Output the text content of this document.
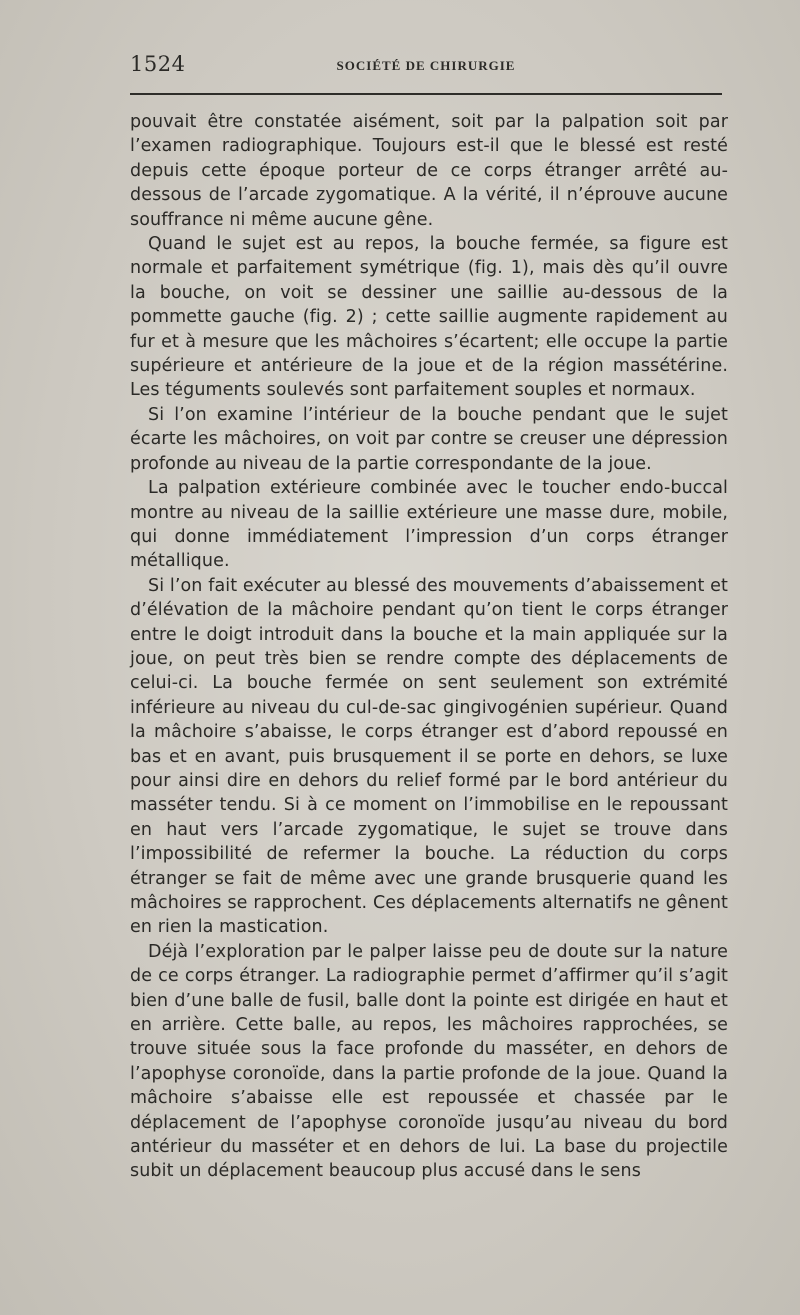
1524	SOCIÉTÉ DE CHIRURGIE

pouvait être constatée aisément, soit par la palpation soit par l’examen radiographique. Toujours est-il que le blessé est resté depuis cette époque porteur de ce corps étranger arrêté au-dessous de l’arcade zygomatique. A la vérité, il n’éprouve aucune souffrance ni même aucune gêne.

Quand le sujet est au repos, la bouche fermée, sa figure est normale et parfaitement symétrique (fig. 1), mais dès qu’il ouvre la bouche, on voit se dessiner une saillie au-dessous de la pommette gauche (fig. 2) ; cette saillie augmente rapidement au fur et à mesure que les mâchoires s’écartent; elle occupe la partie supérieure et antérieure de la joue et de la région massétérine. Les téguments soulevés sont parfaitement souples et normaux.

Si l’on examine l’intérieur de la bouche pendant que le sujet écarte les mâchoires, on voit par contre se creuser une dépression profonde au niveau de la partie correspondante de la joue.

La palpation extérieure combinée avec le toucher endo-buccal montre au niveau de la saillie extérieure une masse dure, mobile, qui donne immédiatement l’impression d’un corps étranger métallique.

Si l’on fait exécuter au blessé des mouvements d’abaissement et d’élévation de la mâchoire pendant qu’on tient le corps étranger entre le doigt introduit dans la bouche et la main appliquée sur la joue, on peut très bien se rendre compte des déplacements de celui-ci. La bouche fermée on sent seulement son extrémité inférieure au niveau du cul-de-sac gingivogénien supérieur. Quand la mâchoire s’abaisse, le corps étranger est d’abord repoussé en bas et en avant, puis brusquement il se porte en dehors, se luxe pour ainsi dire en dehors du relief formé par le bord antérieur du masséter tendu. Si à ce moment on l’immobilise en le repoussant en haut vers l’arcade zygomatique, le sujet se trouve dans l’impossibilité de refermer la bouche. La réduction du corps étranger se fait de même avec une grande brusquerie quand les mâchoires se rapprochent. Ces déplacements alternatifs ne gênent en rien la mastication.

Déjà l’exploration par le palper laisse peu de doute sur la nature de ce corps étranger. La radiographie permet d’affirmer qu’il s’agit bien d’une balle de fusil, balle dont la pointe est dirigée en haut et en arrière. Cette balle, au repos, les mâchoires rapprochées, se trouve située sous la face profonde du masséter, en dehors de l’apophyse coronoïde, dans la partie profonde de la joue. Quand la mâchoire s’abaisse elle est repoussée et chassée par le déplacement de l’apophyse coronoïde jusqu’au niveau du bord antérieur du masséter et en dehors de lui. La base du projectile subit un déplacement beaucoup plus accusé dans le sens
